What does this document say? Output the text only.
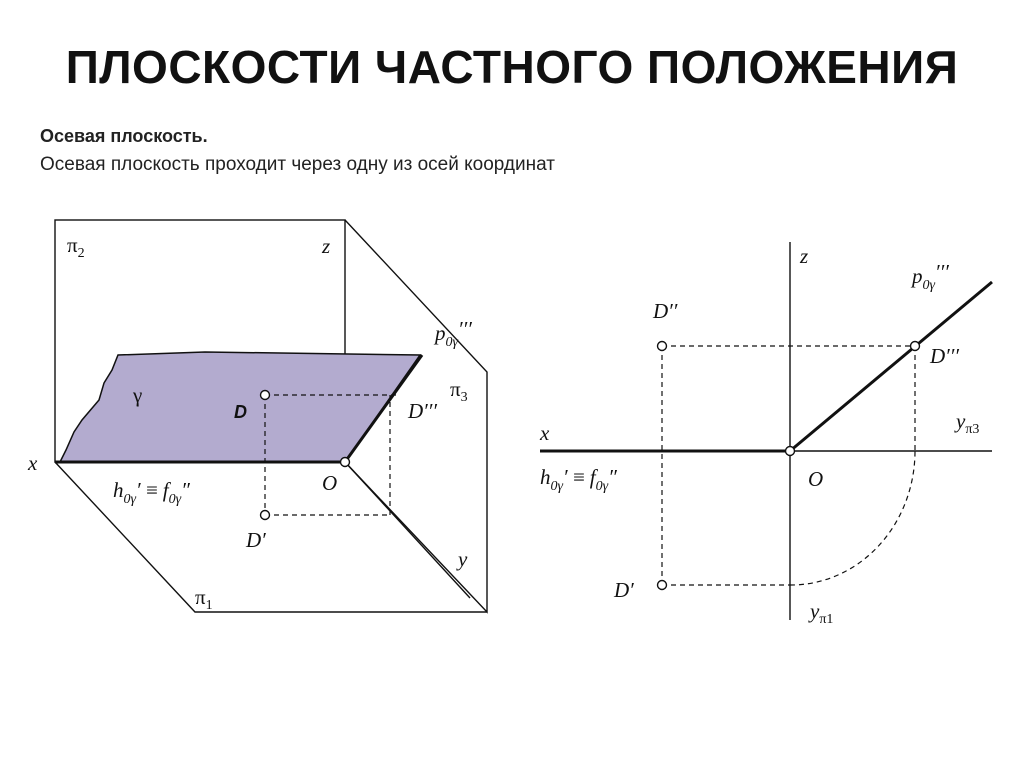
ПЛОСКОСТИ ЧАСТНОГО ПОЛОЖЕНИЯ
Осевая плоскость.
Осевая плоскость проходит через одну из осей координат
$\pi_2$	z
$p_{0\gamma}'''$
$\pi_3$
γ
D	D′′′
x
O
$h_{0\gamma}' \equiv f_{0\gamma}''$
D′
y
$\pi_1$
z
$p_{0\gamma}'''$
D′′
D′′′
$y_{\pi 3}$
x
$h_{0\gamma}' \equiv f_{0\gamma}''$	O
D′
$y_{\pi 1}$
